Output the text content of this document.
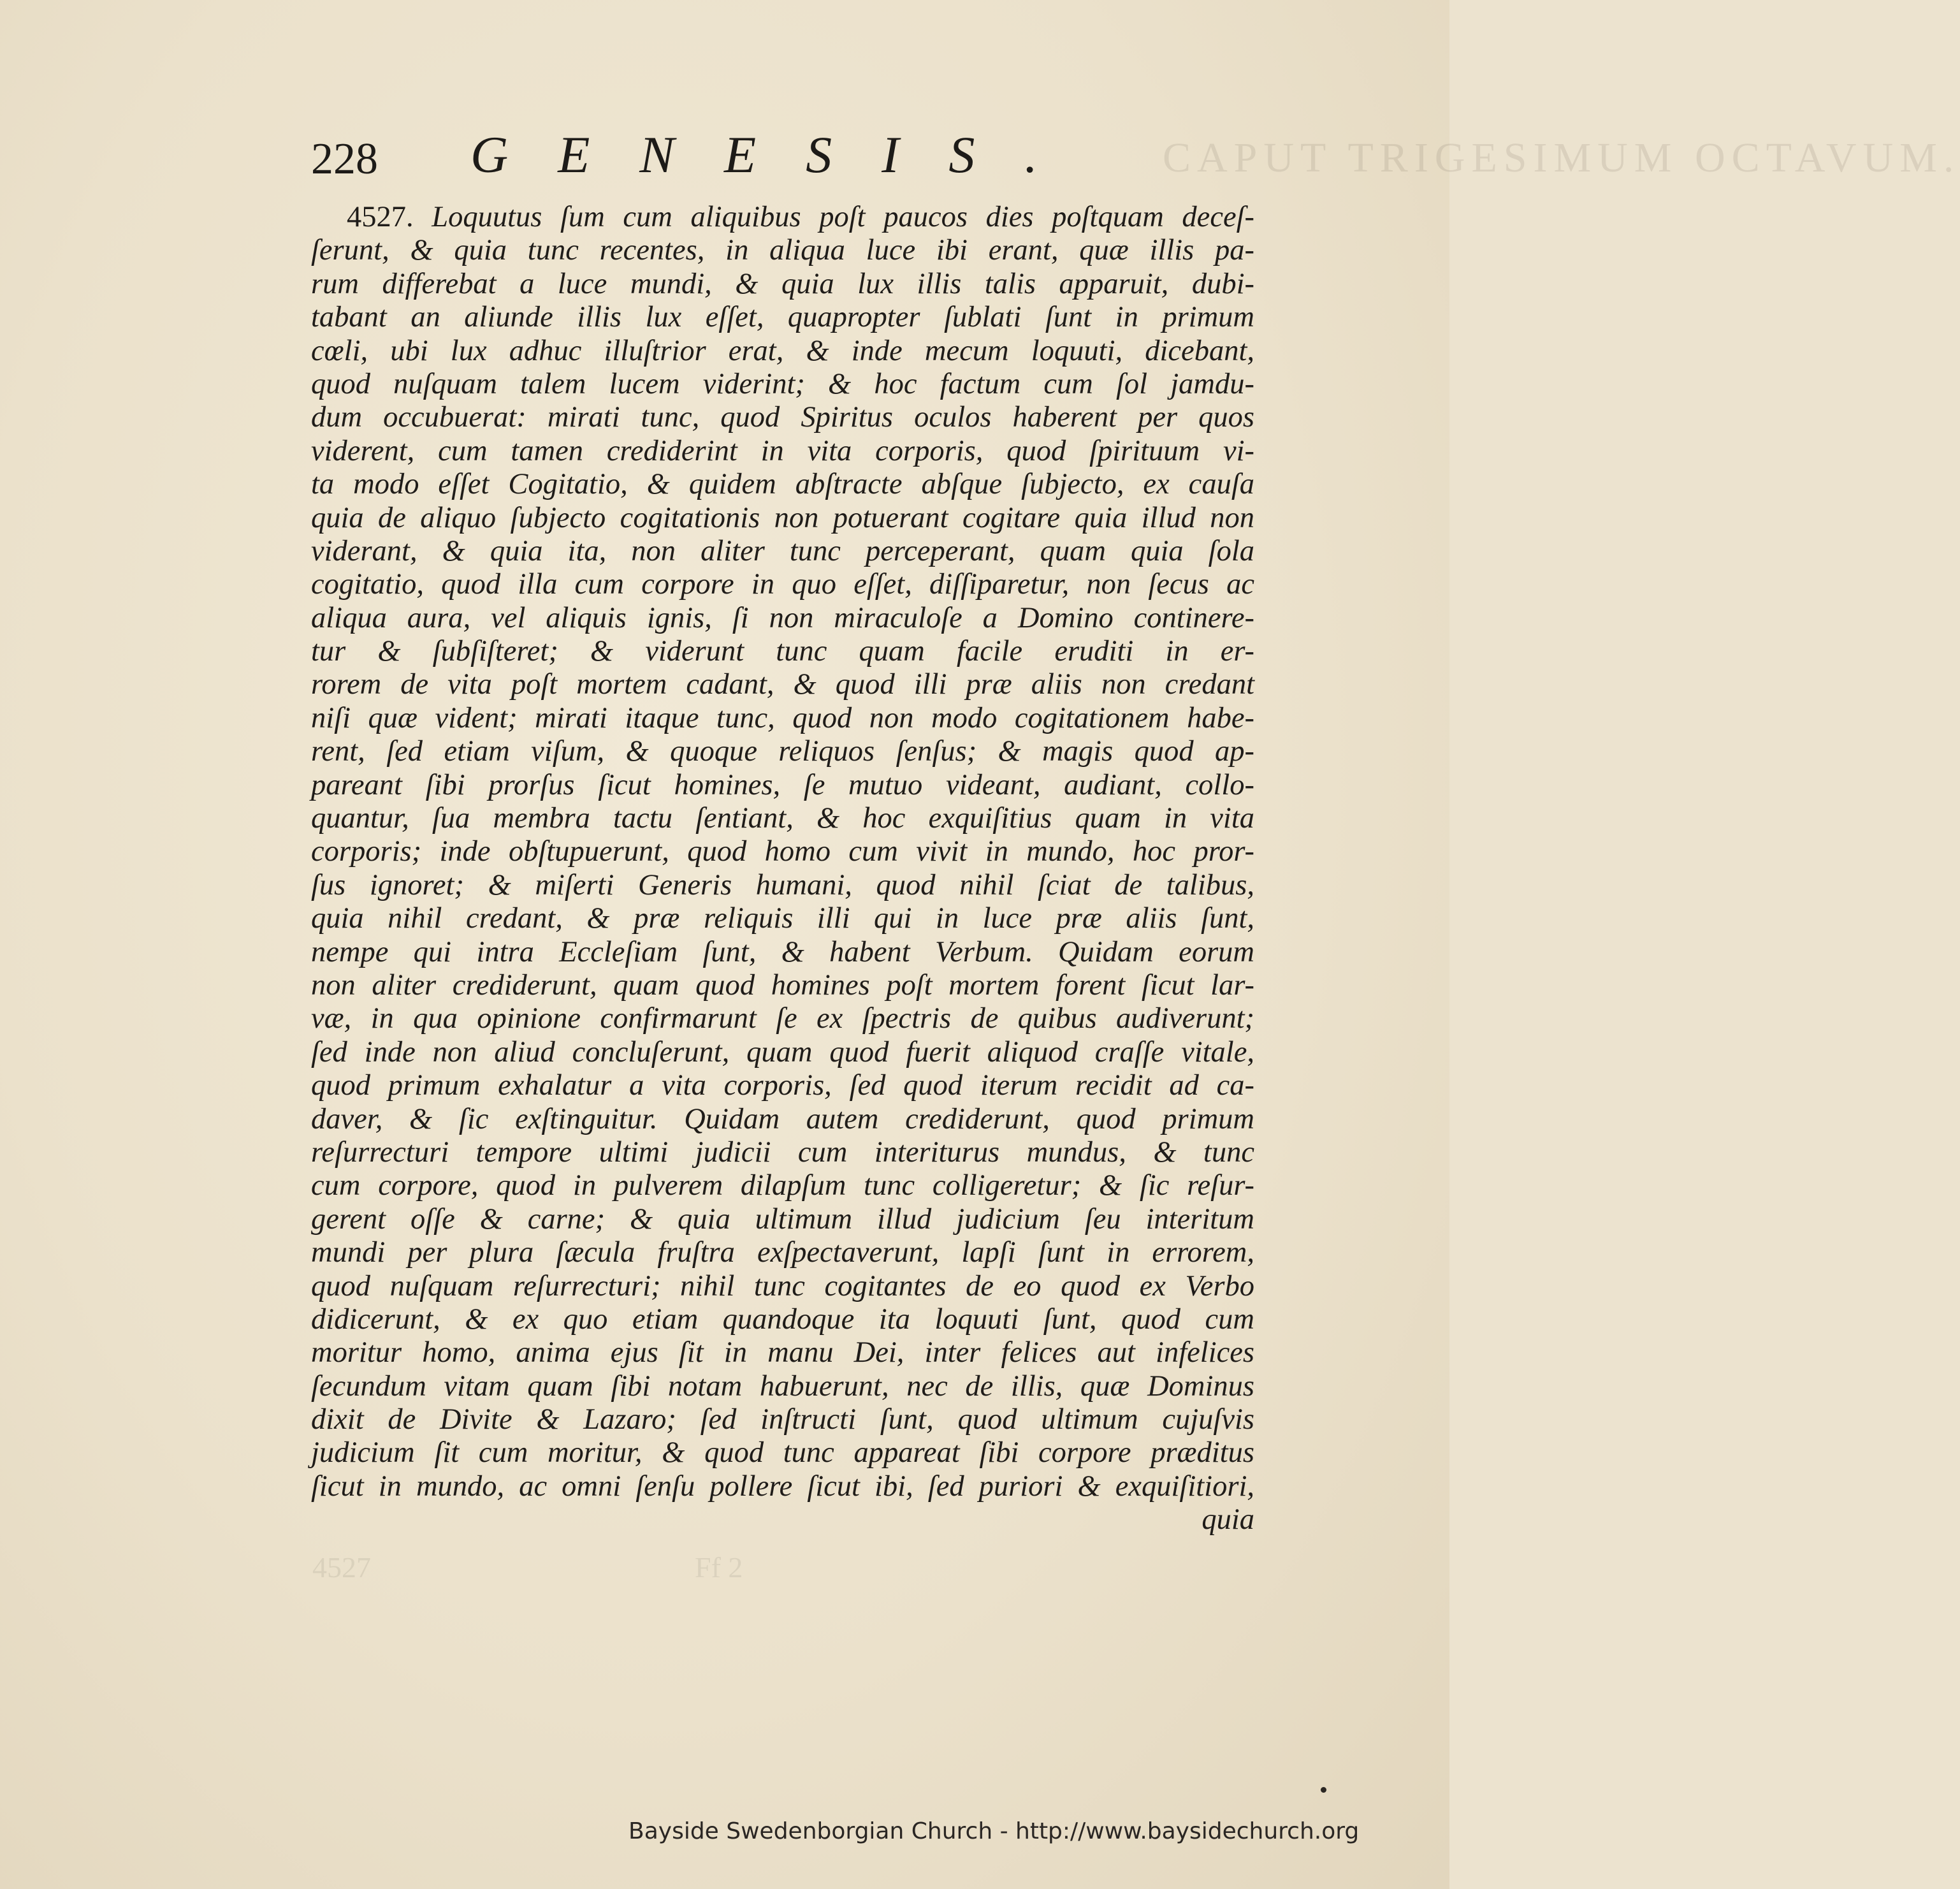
CAPUT TRIGESIMUM OCTAVUM.
228 GENESIS.
4527. Loquutus ſum cum aliquibus poſt paucos dies poſtquam deceſ-
ſerunt, & quia tunc recentes, in aliqua luce ibi erant, quæ illis pa-
rum differebat a luce mundi, & quia lux illis talis apparuit, dubi-
tabant an aliunde illis lux eſſet, quapropter ſublati ſunt in primum
cœli, ubi lux adhuc illuſtrior erat, & inde mecum loquuti, dicebant,
quod nuſquam talem lucem viderint; & hoc factum cum ſol jamdu-
dum occubuerat: mirati tunc, quod Spiritus oculos haberent per quos
viderent, cum tamen crediderint in vita corporis, quod ſpirituum vi-
ta modo eſſet Cogitatio, & quidem abſtracte abſque ſubjecto, ex cauſa
quia de aliquo ſubjecto cogitationis non potuerant cogitare quia illud non
viderant, & quia ita, non aliter tunc perceperant, quam quia ſola
cogitatio, quod illa cum corpore in quo eſſet, diſſiparetur, non ſecus ac
aliqua aura, vel aliquis ignis, ſi non miraculoſe a Domino continere-
tur & ſubſiſteret; & viderunt tunc quam facile eruditi in er-
rorem de vita poſt mortem cadant, & quod illi præ aliis non credant
niſi quæ vident; mirati itaque tunc, quod non modo cogitationem habe-
rent, ſed etiam viſum, & quoque reliquos ſenſus; & magis quod ap-
pareant ſibi prorſus ſicut homines, ſe mutuo videant, audiant, collo-
quantur, ſua membra tactu ſentiant, & hoc exquiſitius quam in vita
corporis; inde obſtupuerunt, quod homo cum vivit in mundo, hoc pror-
ſus ignoret; & miſerti Generis humani, quod nihil ſciat de talibus,
quia nihil credant, & præ reliquis illi qui in luce præ aliis ſunt,
nempe qui intra Eccleſiam ſunt, & habent Verbum. Quidam eorum
non aliter crediderunt, quam quod homines poſt mortem forent ſicut lar-
væ, in qua opinione confirmarunt ſe ex ſpectris de quibus audiverunt;
ſed inde non aliud concluſerunt, quam quod fuerit aliquod craſſe vitale,
quod primum exhalatur a vita corporis, ſed quod iterum recidit ad ca-
daver, & ſic exſtinguitur. Quidam autem crediderunt, quod primum
reſurrecturi tempore ultimi judicii cum interiturus mundus, & tunc
cum corpore, quod in pulverem dilapſum tunc colligeretur; & ſic reſur-
gerent oſſe & carne; & quia ultimum illud judicium ſeu interitum
mundi per plura ſæcula fruſtra exſpectaverunt, lapſi ſunt in errorem,
quod nuſquam reſurrecturi; nihil tunc cogitantes de eo quod ex Verbo
didicerunt, & ex quo etiam quandoque ita loquuti ſunt, quod cum
moritur homo, anima ejus ſit in manu Dei, inter felices aut infelices
ſecundum vitam quam ſibi notam habuerunt, nec de illis, quæ Dominus
dixit de Divite & Lazaro; ſed inſtructi ſunt, quod ultimum cujuſvis
judicium ſit cum moritur, & quod tunc appareat ſibi corpore præditus
ſicut in mundo, ac omni ſenſu pollere ſicut ibi, ſed puriori & exquiſitiori,
quia
4527	Ff 2
Bayside Swedenborgian Church - http://www.baysidechurch.org
